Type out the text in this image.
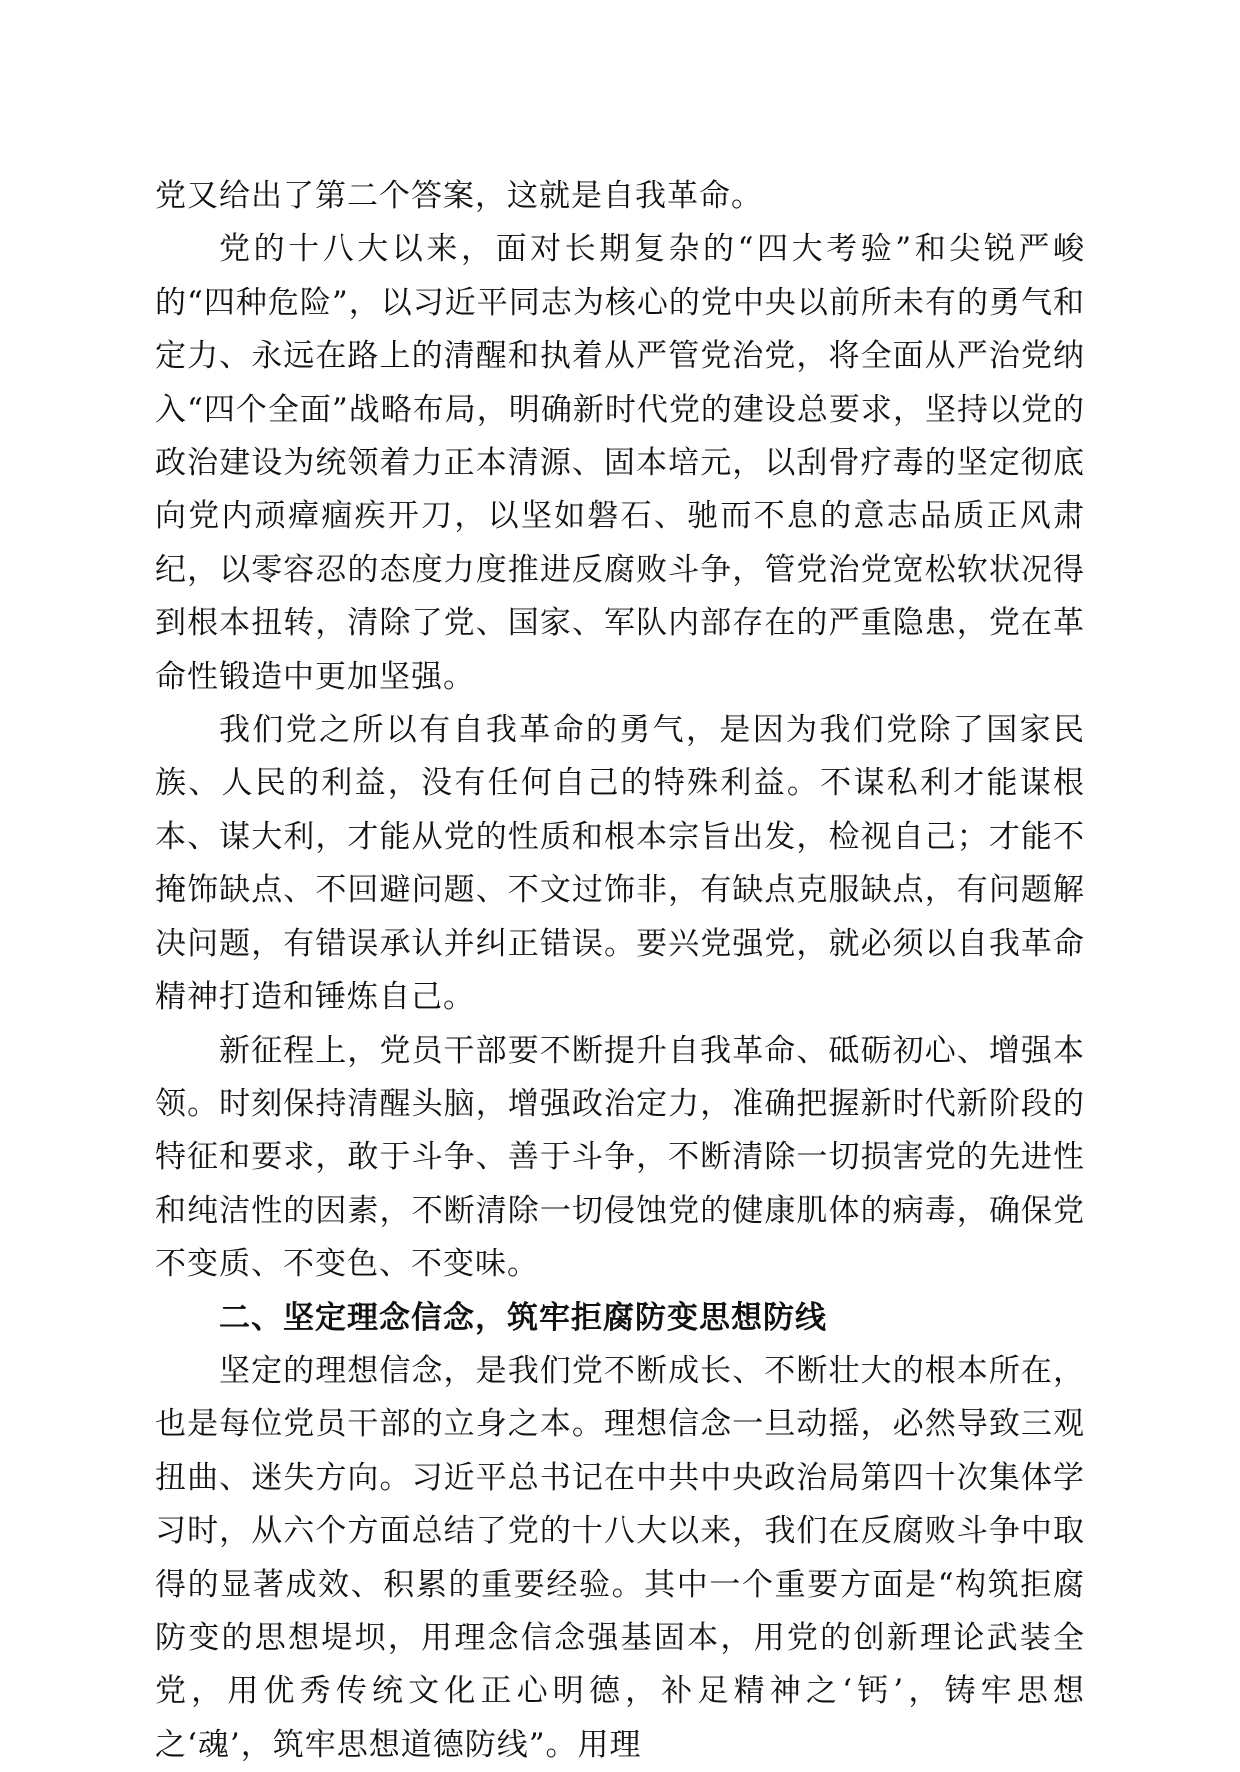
党又给出了第二个答案，这就是自我革命。

党的十八大以来，面对长期复杂的“四大考验”和尖锐严峻的“四种危险”，以习近平同志为核心的党中央以前所未有的勇气和定力、永远在路上的清醒和执着从严管党治党，将全面从严治党纳入“四个全面”战略布局，明确新时代党的建设总要求，坚持以党的政治建设为统领着力正本清源、固本培元，以刮骨疗毒的坚定彻底向党内顽瘴痼疾开刀，以坚如磐石、驰而不息的意志品质正风肃纪，以零容忍的态度力度推进反腐败斗争，管党治党宽松软状况得到根本扭转，清除了党、国家、军队内部存在的严重隐患，党在革命性锻造中更加坚强。

我们党之所以有自我革命的勇气，是因为我们党除了国家民族、人民的利益，没有任何自己的特殊利益。不谋私利才能谋根本、谋大利，才能从党的性质和根本宗旨出发，检视自己；才能不掩饰缺点、不回避问题、不文过饰非，有缺点克服缺点，有问题解决问题，有错误承认并纠正错误。要兴党强党，就必须以自我革命精神打造和锤炼自己。

新征程上，党员干部要不断提升自我革命、砥砺初心、增强本领。时刻保持清醒头脑，增强政治定力，准确把握新时代新阶段的特征和要求，敢于斗争、善于斗争，不断清除一切损害党的先进性和纯洁性的因素，不断清除一切侵蚀党的健康肌体的病毒，确保党不变质、不变色、不变味。

二、坚定理念信念，筑牢拒腐防变思想防线

坚定的理想信念，是我们党不断成长、不断壮大的根本所在，也是每位党员干部的立身之本。理想信念一旦动摇，必然导致三观扭曲、迷失方向。习近平总书记在中共中央政治局第四十次集体学习时，从六个方面总结了党的十八大以来，我们在反腐败斗争中取得的显著成效、积累的重要经验。其中一个重要方面是“构筑拒腐防变的思想堤坝，用理念信念强基固本，用党的创新理论武装全党，用优秀传统文化正心明德，补足精神之‘钙’，铸牢思想之‘魂’，筑牢思想道德防线”。用理
